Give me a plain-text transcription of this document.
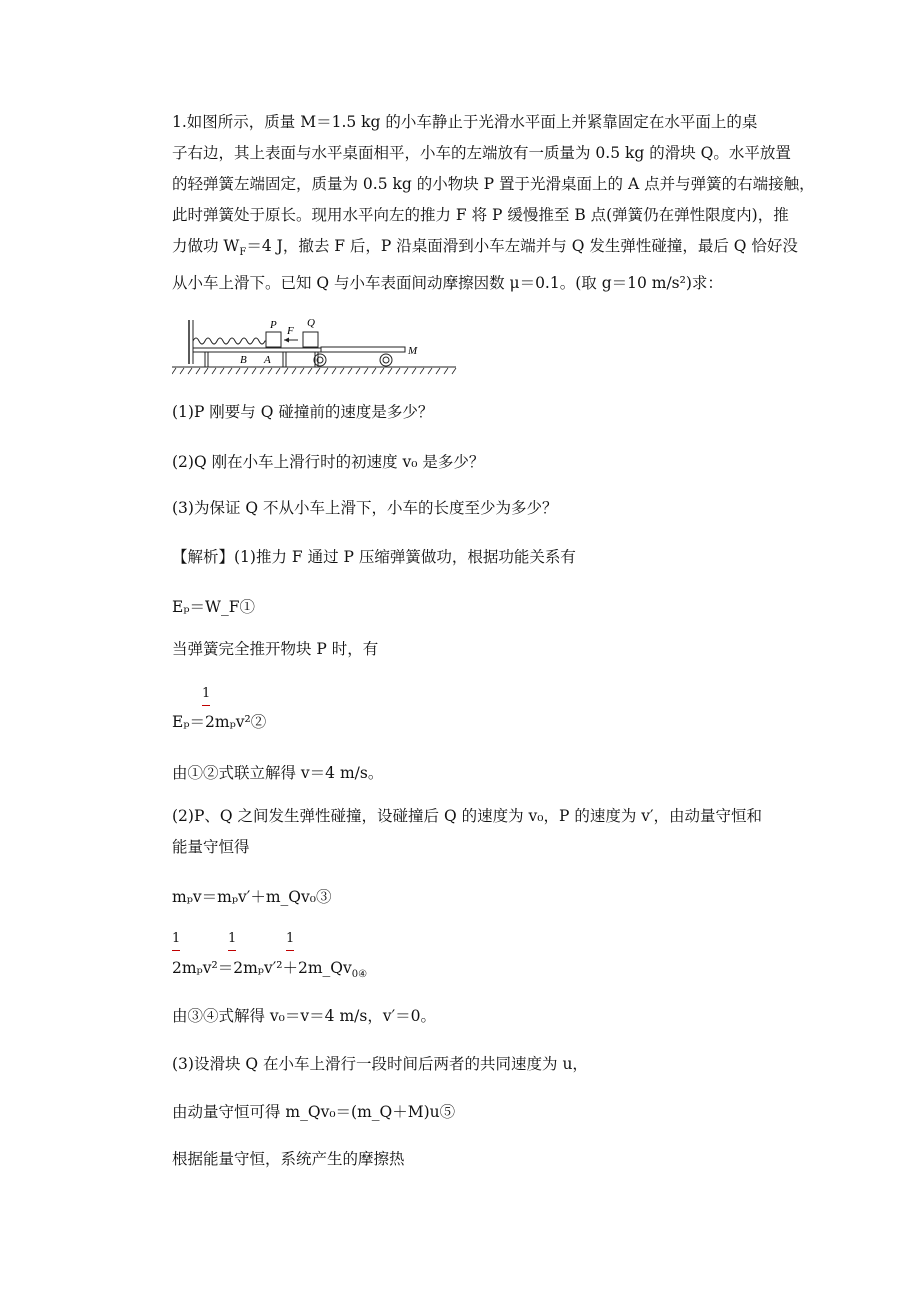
1.如图所示，质量 M＝1.5 kg 的小车静止于光滑水平面上并紧靠固定在水平面上的桌
子右边，其上表面与水平桌面相平，小车的左端放有一质量为 0.5 kg 的滑块 Q。水平放置
的轻弹簧左端固定，质量为 0.5 kg 的小物块 P 置于光滑桌面上的 A 点并与弹簧的右端接触，
此时弹簧处于原长。现用水平向左的推力 F 将 P 缓慢推至 B 点(弹簧仍在弹性限度内)，推
力做功 $W_F=4$ J，撤去 F 后，P 沿桌面滑到小车左端并与 Q 发生弹性碰撞，最后 Q 恰好没
从小车上滑下。已知 Q 与小车表面间动摩擦因数 μ＝0.1。(取 g＝10 m/s²)求：
P F
Q
B A
M
(1)P 刚要与 Q 碰撞前的速度是多少？
(2)Q 刚在小车上滑行时的初速度 v₀ 是多少？
(3)为保证 Q 不从小车上滑下，小车的长度至少为多少？
【解析】(1)推力 F 通过 P 压缩弹簧做功，根据功能关系有
Eₚ＝W_F①
当弹簧完全推开物块 P 时，有
1
Eₚ＝2mₚv²②
由①②式联立解得 v＝4 m/s。
(2)P、Q 之间发生弹性碰撞，设碰撞后 Q 的速度为 v₀，P 的速度为 v′，由动量守恒和
能量守恒得
mₚv＝mₚv′＋m_Qv₀③
1	1	1
$2m_pv^2=2m_pv'^2+2m\_Qv_{0④}$
由③④式解得 v₀＝v＝4 m/s，v′＝0。
(3)设滑块 Q 在小车上滑行一段时间后两者的共同速度为 u，
由动量守恒可得 m_Qv₀＝(m_Q＋M)u⑤
根据能量守恒，系统产生的摩擦热
